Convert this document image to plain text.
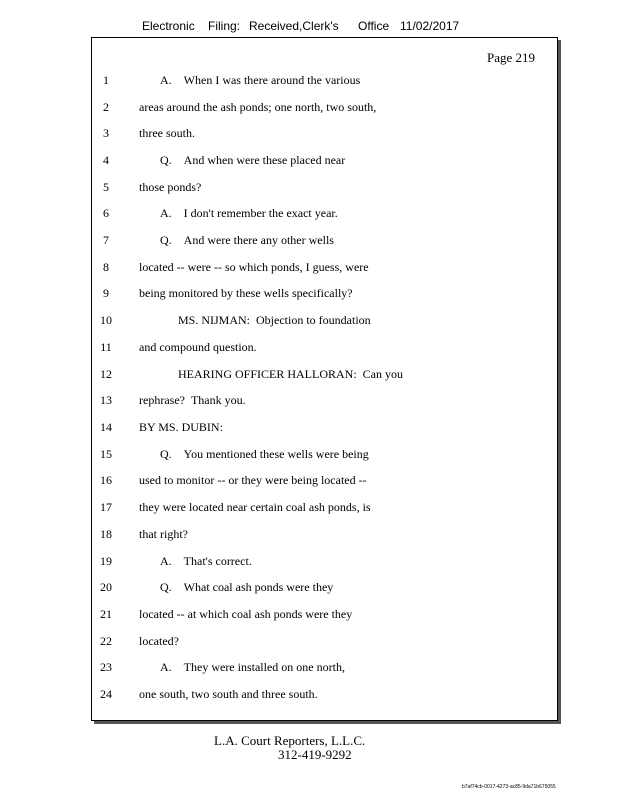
Electronic Filing: Received,Clerk's Office 11/02/2017
Page 219
1	A.    When I was there around the various
2	areas around the ash ponds; one north, two south,
3	three south.
4	Q.    And when were these placed near
5	those ponds?
6	A.    I don't remember the exact year.
7	Q.    And were there any other wells
8	located -- were -- so which ponds, I guess, were
9	being monitored by these wells specifically?
10	MS. NIJMAN:  Objection to foundation
11	and compound question.
12	HEARING OFFICER HALLORAN:  Can you
13	rephrase?  Thank you.
14	BY MS. DUBIN:
15	Q.    You mentioned these wells were being
16	used to monitor -- or they were being located --
17	they were located near certain coal ash ponds, is
18	that right?
19	A.    That's correct.
20	Q.    What coal ash ponds were they
21	located -- at which coal ash ponds were they
22	located?
23	A.    They were installed on one north,
24	one south, two south and three south.
L.A. Court Reporters, L.L.C.
312-419-9292
b7af74cb-0017-4273-ac85-9da71b675055
